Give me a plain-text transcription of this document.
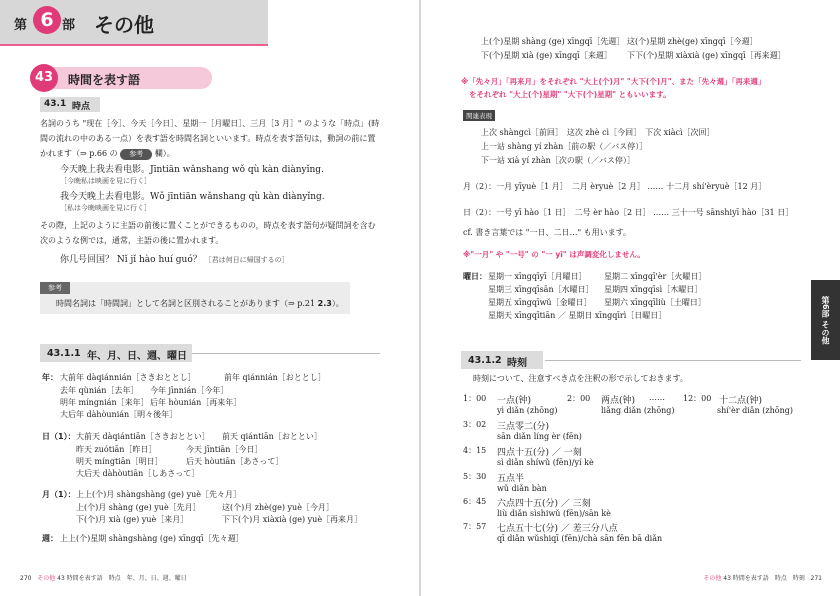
第 6 部 その他
43	時間を表す語
43.1 時点
名詞のうち "现在［今］、今天［今日］、星期一［月曜日］、三月［3 月］" のような「時点」(時間の流れの中のある一点）を表す語を時間名詞といいます。時点を表す語句は，動詞の前に置かれます（⇒ p.66 の 参考 欄）。
今天晚上我去看电影。Jīntiān wǎnshang wǒ qù kàn diànyǐng.
［今晩私は映画を見に行く］
我今天晚上去看电影。Wǒ jīntiān wǎnshang qù kàn diànyǐng.
［私は今晩映画を見に行く］
その際，上記のように主語の前後に置くことができるものの，時点を表す語句が疑問詞を含む次のような例では，通常，主語の後に置かれます。
你几号回国？ Nǐ jǐ hào huí guó？ ［君は何日に帰国するの］
参考
時間名詞は「時間詞」として名詞と区別されることがあります（⇒ p.21 2.3）。
43.1.1 年、月、日、週、曜日
年： 大前年 dàqiánnián［さきおととし］	前年 qiánnián［おととし］
去年 qùnián［去年］ 今年 jīnnián［今年］
明年 míngnián［来年］ 后年 hòunián［再来年］
大后年 dàhòunián［明々後年］
日（1）： 大前天 dàqiántiān［さきおととい］ 前天 qiántiān［おととい］
昨天 zuótiān［昨日］	今天 jīntiān［今日］
明天 míngtiān［明日］	后天 hòutiān［あさって］
大后天 dàhòutiān［しあさって］
月（1）： 上上(个)月 shàngshàng (ge) yuè［先々月］
上(个)月 shàng (ge) yuè［先月］	这(个)月 zhè(ge) yuè［今月］
下(个)月 xià (ge) yuè［来月］	下下(个)月 xiàxià (ge) yuè［再来月］
週： 上上(个)星期 shàngshàng (ge) xīngqī［先々週］
270 その他 43 時間を表す語　時点　年、月、日、週、曜日
上(个)星期 shàng (ge) xīngqī［先週］ 这(个)星期 zhè(ge) xīngqī［今週］
下(个)星期 xià (ge) xīngqī［来週］ 下下(个)星期 xiàxià (ge) xīngqī［再来週］
※「先々月」「再来月」をそれぞれ "大上(个)月" "大下(个)月"、また「先々週」「再来週」
をそれぞれ "大上(个)星期" "大下(个)星期" ともいいます。
関連表現
上次 shàngcì［前回］　这次 zhè cì［今回］　下次 xiàcì［次回］
上一站 shàng yí zhàn［前の駅（／バス停）］
下一站 xià yí zhàn［次の駅（／バス停）］
月（2）：一月 yīyuè［1 月］　二月 èryuè［2 月］ …… 十二月 shí'èryuè［12 月］
日（2）：一号 yī hào［1 日］　二号 èr hào［2 日］ …… 三十一号 sānshiyī hào［31 日］
cf. 書き言葉では "一日、二日…" も用います。
※"一月" や "一号" の "一 yī" は声調変化しません。
曜日： 星期一 xīngqīyī［月曜日］ 星期二 xīngqī'èr［火曜日］
星期三 xīngqīsān［水曜日］ 星期四 xīngqīsì［木曜日］
星期五 xīngqīwǔ［金曜日］ 星期六 xīngqīliù［土曜日］
星期天 xīngqītiān ／ 星期日 xīngqīrì［日曜日］
43.1.2 時刻
時刻について、注意すべき点を注釈の形で示しておきます。
1：00 一点(钟)
yì diǎn (zhōng)
2：00 两点(钟)
liǎng diǎn (zhōng)
…… 12：00 十二点(钟)
shí'èr diǎn (zhōng)
3：02 三点零二(分)
sān diǎn líng èr (fēn)
4：15 四点十五(分) ／ 一刻
sì diǎn shíwǔ (fēn)/yí kè
5：30 五点半
wǔ diǎn bàn
6：45 六点四十五(分) ／ 三刻
liù diǎn sìshiwǔ (fēn)/sān kè
7：57 七点五十七(分) ／ 差三分八点
qī diǎn wǔshiqī (fēn)/chà sān fēn bā diǎn
その他 43 時間を表す語　時点　時刻 271
第6部 その他
